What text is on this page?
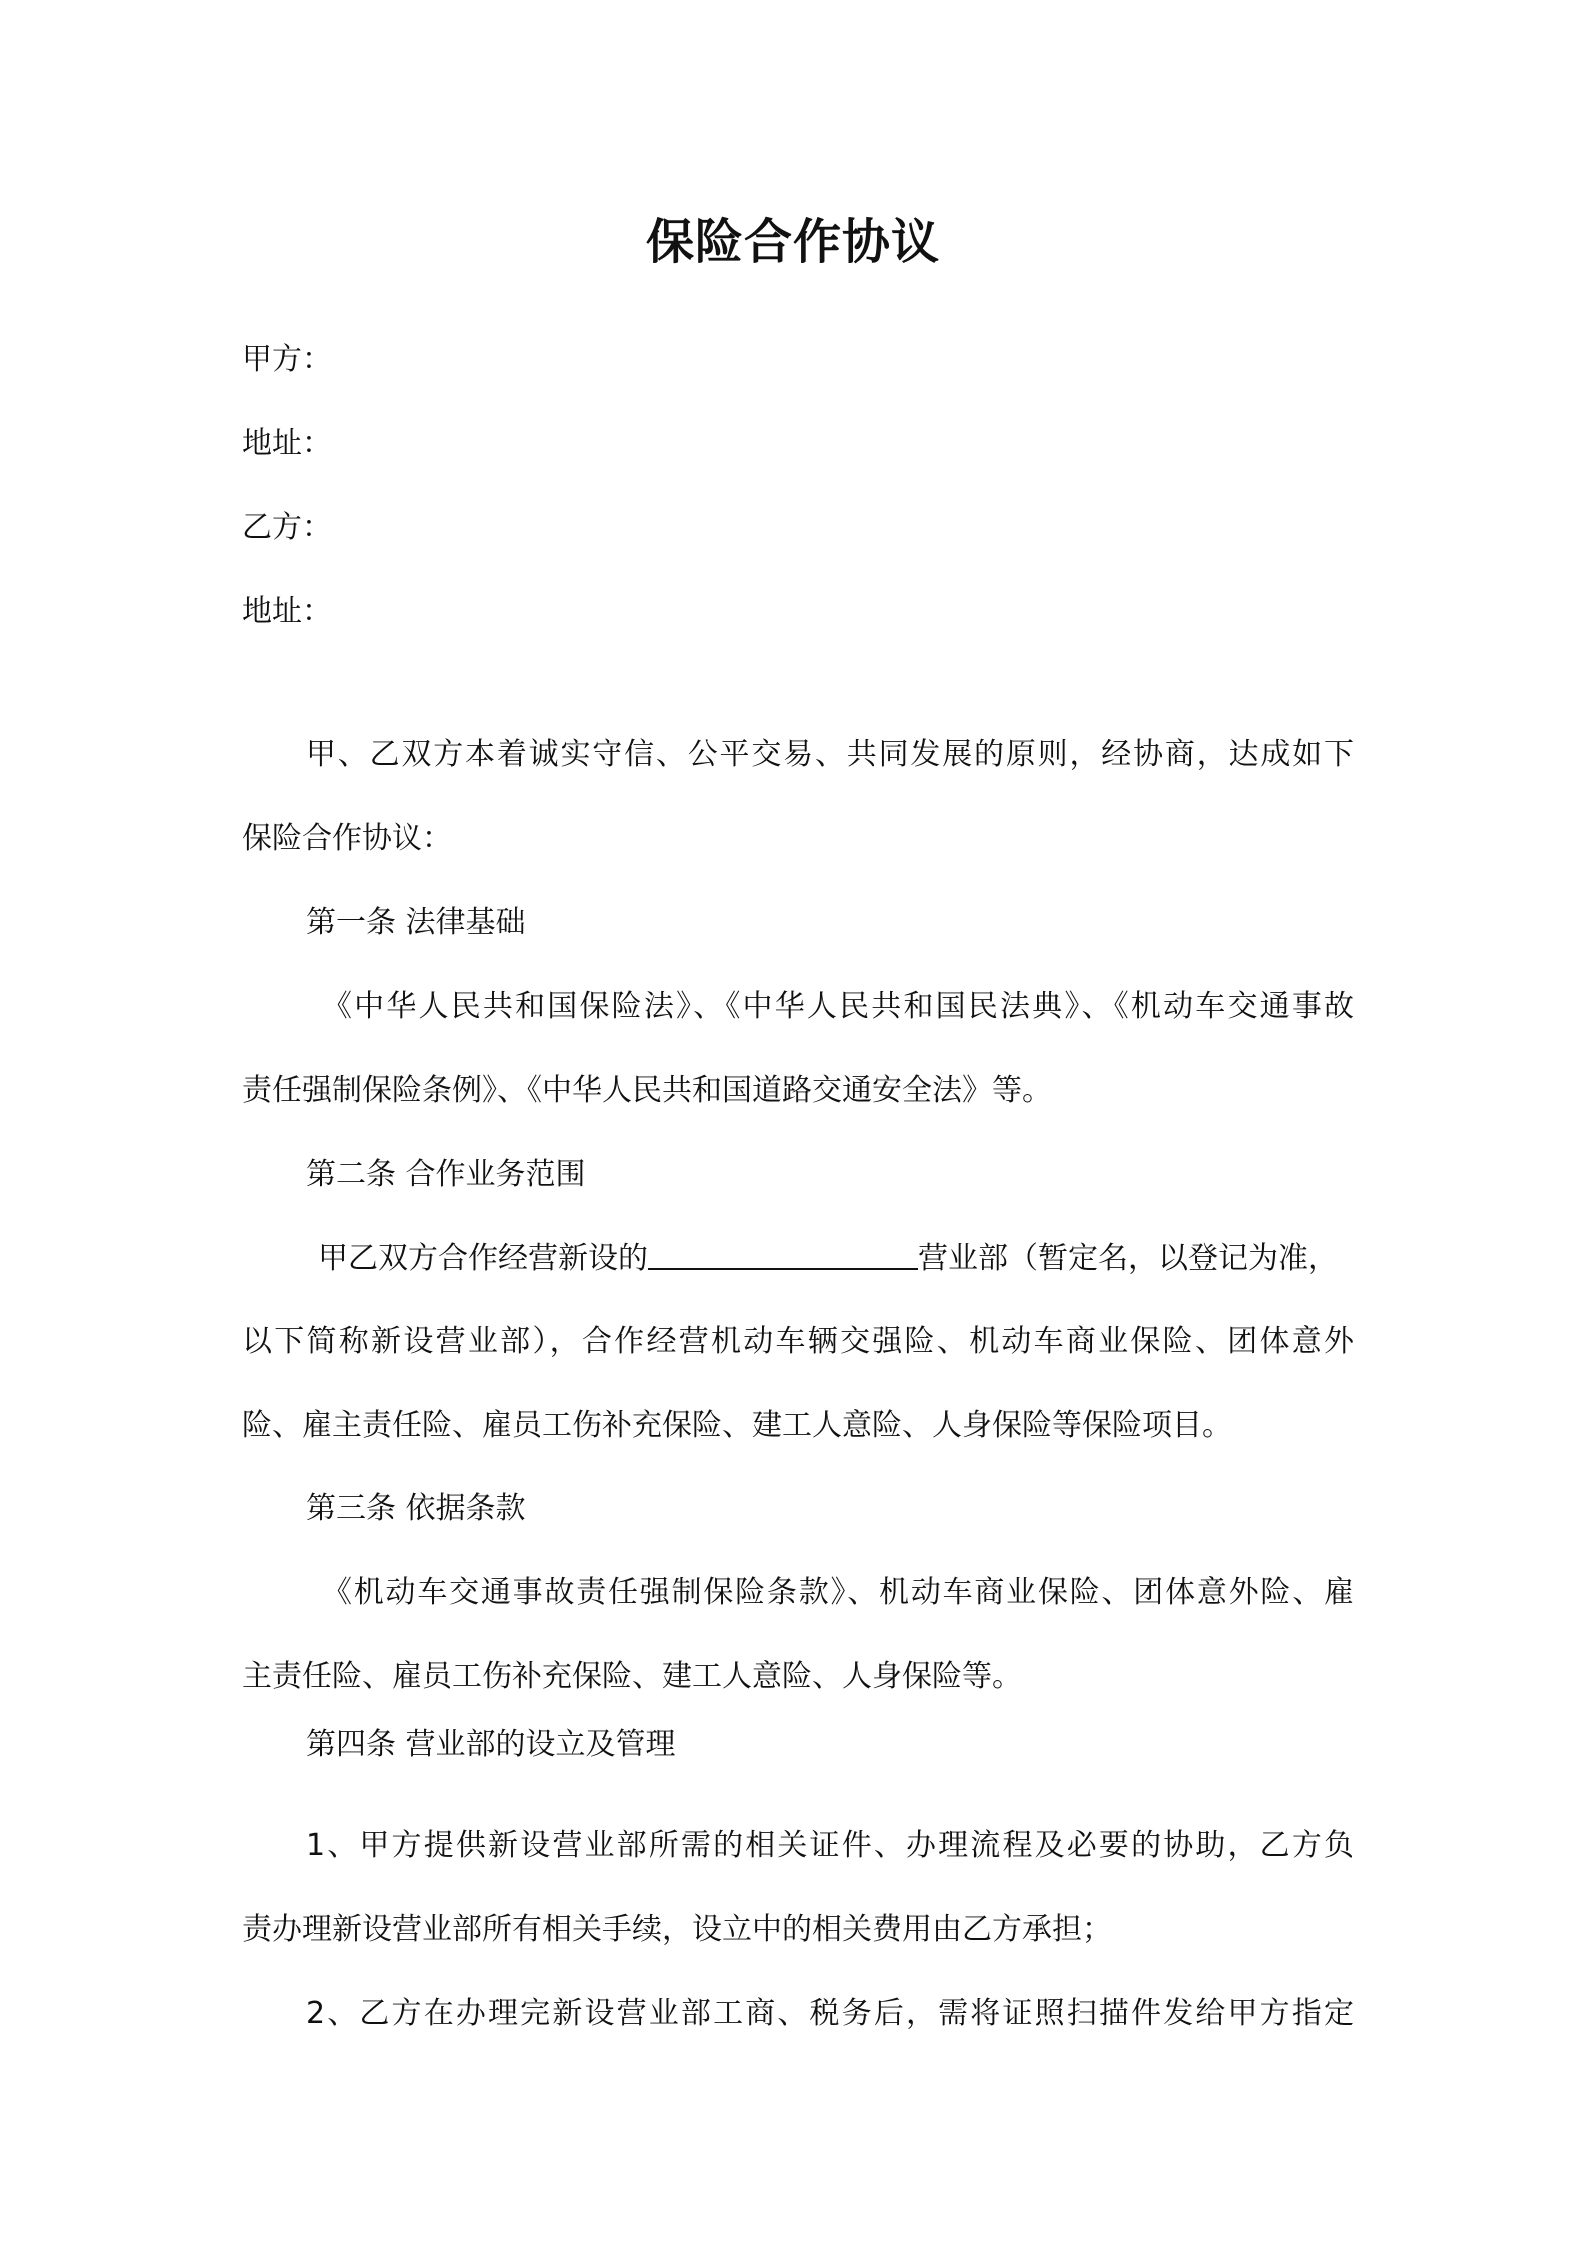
保险合作协议
甲方：
地址：
乙方：
地址：
甲、乙双方本着诚实守信、公平交易、共同发展的原则，经协商，达成如下
保险合作协议：
第一条 法律基础
《中华人民共和国保险法》、《中华人民共和国民法典》、《机动车交通事故
责任强制保险条例》、《中华人民共和国道路交通安全法》等。
第二条 合作业务范围
甲乙双方合作经营新设的	营业部（暂定名，以登记为准，
以下简称新设营业部），合作经营机动车辆交强险、机动车商业保险、团体意外
险、雇主责任险、雇员工伤补充保险、建工人意险、人身保险等保险项目。
第三条 依据条款
《机动车交通事故责任强制保险条款》、机动车商业保险、团体意外险、雇
主责任险、雇员工伤补充保险、建工人意险、人身保险等。
第四条 营业部的设立及管理
1、甲方提供新设营业部所需的相关证件、办理流程及必要的协助，乙方负
责办理新设营业部所有相关手续，设立中的相关费用由乙方承担；
2、乙方在办理完新设营业部工商、税务后，需将证照扫描件发给甲方指定
